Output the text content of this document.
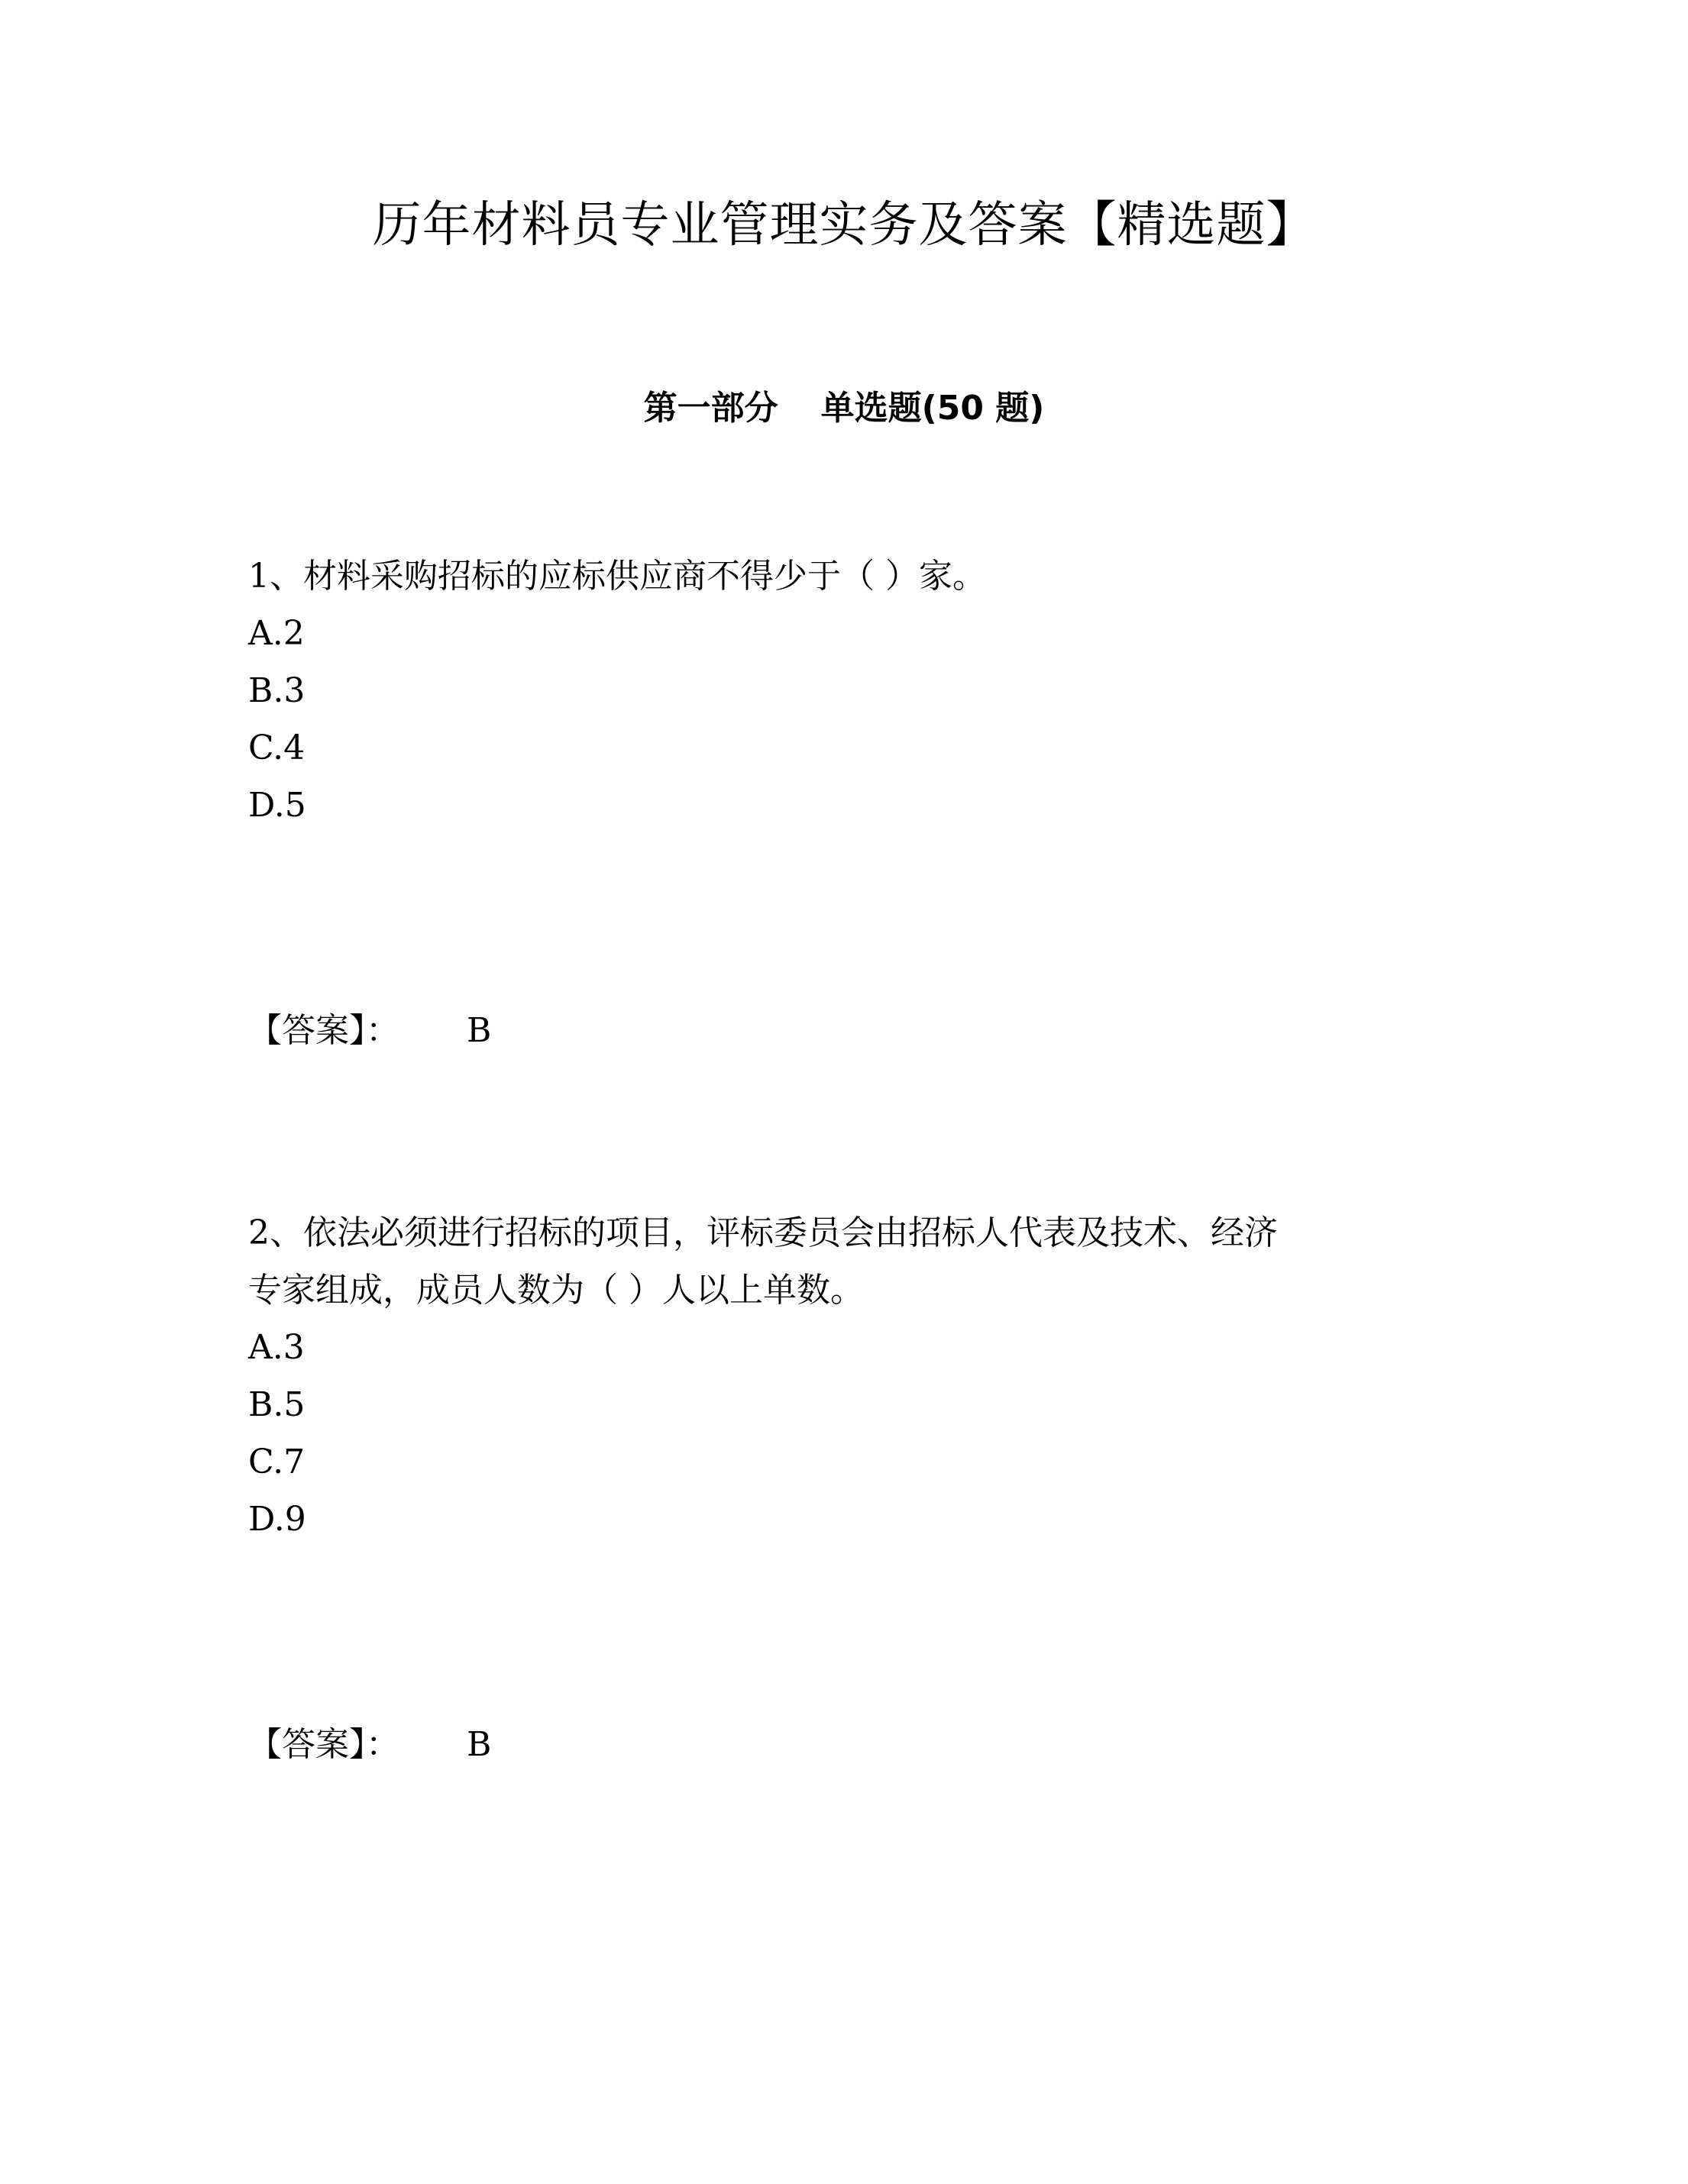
历年材料员专业管理实务及答案【精选题】
第一部分 单选题(50 题)
1、材料采购招标的应标供应商不得少于（ ）家。
A.2
B.3
C.4
D.5
【答案】： B
2、依法必须进行招标的项目，评标委员会由招标人代表及技术、经济
专家组成，成员人数为（ ）人以上单数。
A.3
B.5
C.7
D.9
【答案】： B
